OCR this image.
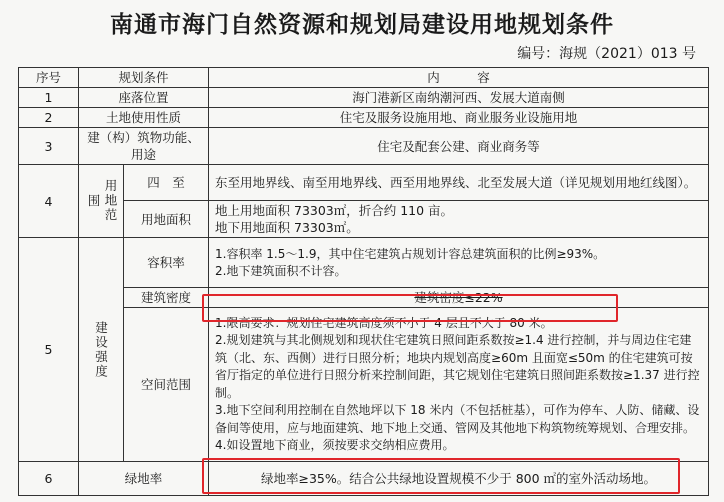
南通市海门自然资源和规划局建设用地规划条件
编号：海规（2021）013 号
序号	规划条件		内　　　容
1	座落位置		海门港新区南纳潮河西、发展大道南侧
2	土地使用性质		住宅及服务设施用地、商业服务业设施用地
3	建（构）筑物功能、用途		住宅及配套公建、商业商务等
4	用地范围	四　至	东至用地界线、南至用地界线、西至用地界线、北至发展大道（详见规划用地红线图）。
		用地面积	地上用地面积 73303㎡，折合约 110 亩。
地下用地面积 73303㎡。

5	建设强度	容积率	1.容积率 1.5～1.9，其中住宅建筑占规划计容总建筑面积的比例≥93%。
2.地下建筑面积不计容。

		建筑密度	建筑密度≤22%
		空间范围	1.限高要求：规划住宅建筑高度须不小于 4 层且不大于 80 米。
2.规划建筑与其北侧规划和现状住宅建筑日照间距系数按≥1.4 进行控制，并与周边住宅建筑（北、东、西侧）进行日照分析；地块内规划高度≥60m 且面宽≤50m 的住宅建筑可按省厅指定的单位进行日照分析来控制间距，其它规划住宅建筑日照间距系数按≥1.37 进行控制。
3.地下空间利用控制在自然地坪以下 18 米内（不包括桩基），可作为停车、人防、储藏、设备间等使用，应与地面建筑、地下地上交通、管网及其他地下构筑物统筹规划、合理安排。
4.如设置地下商业，须按要求交纳相应费用。

6	绿地率		绿地率≥35%。结合公共绿地设置规模不少于 800 ㎡的室外活动场地。
